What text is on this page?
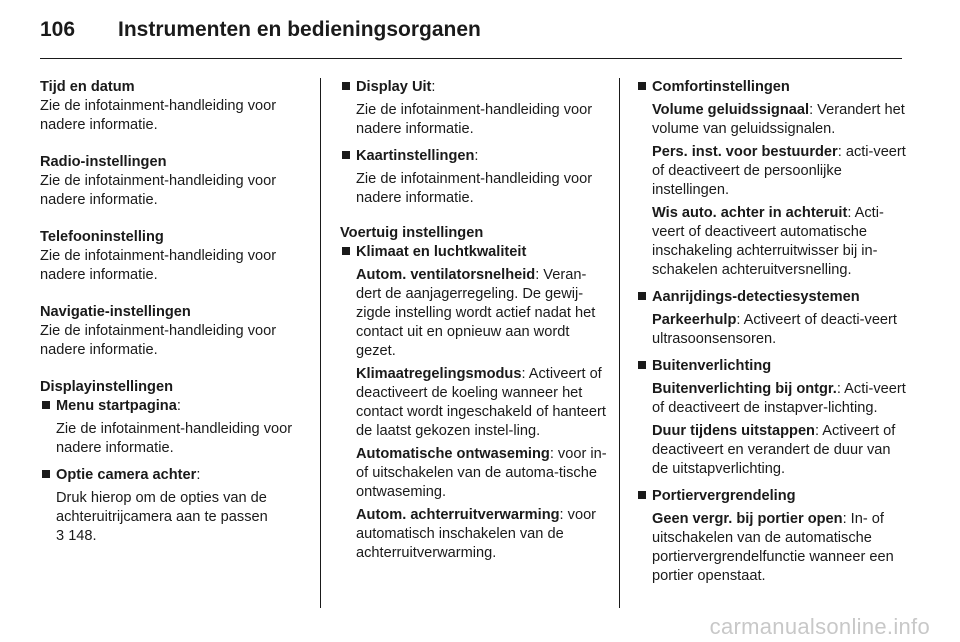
106	Instrumenten en bedieningsorganen
Tijd en datum
Zie de infotainment-handleiding voor nadere informatie.
Radio-instellingen
Zie de infotainment-handleiding voor nadere informatie.
Telefooninstelling
Zie de infotainment-handleiding voor nadere informatie.
Navigatie-instellingen
Zie de infotainment-handleiding voor nadere informatie.
Displayinstellingen
Menu startpagina:
Zie de infotainment-handleiding voor nadere informatie.
Optie camera achter:
Druk hierop om de opties van de achteruitrijcamera aan te passen
3 148.
Display Uit:
Zie de infotainment-handleiding voor nadere informatie.
Kaartinstellingen:
Zie de infotainment-handleiding voor nadere informatie.
Voertuig instellingen
Klimaat en luchtkwaliteit
Autom. ventilatorsnelheid: Veran-dert de aanjagerregeling. De gewij-zigde instelling wordt actief nadat het contact uit en opnieuw aan wordt gezet.
Klimaatregelingsmodus: Activeert of deactiveert de koeling wanneer het contact wordt ingeschakeld of hanteert de laatst gekozen instel-ling.
Automatische ontwaseming: voor in- of uitschakelen van de automa-tische ontwaseming.
Autom. achterruitverwarming: voor automatisch inschakelen van de achterruitverwarming.
Comfortinstellingen
Volume geluidssignaal: Verandert het volume van geluidssignalen.
Pers. inst. voor bestuurder: acti-veert of deactiveert de persoonlijke instellingen.
Wis auto. achter in achteruit: Acti-veert of deactiveert automatische inschakeling achterruitwisser bij in-schakelen achteruitversnelling.
Aanrijdings-detectiesystemen
Parkeerhulp: Activeert of deacti-veert ultrasoonsensoren.
Buitenverlichting
Buitenverlichting bij ontgr.: Acti-veert of deactiveert de instapver-lichting.
Duur tijdens uitstappen: Activeert of deactiveert en verandert de duur van de uitstapverlichting.
Portiervergrendeling
Geen vergr. bij portier open: In- of uitschakelen van de automatische portiervergrendelfunctie wanneer een portier openstaat.
carmanualsonline.info
